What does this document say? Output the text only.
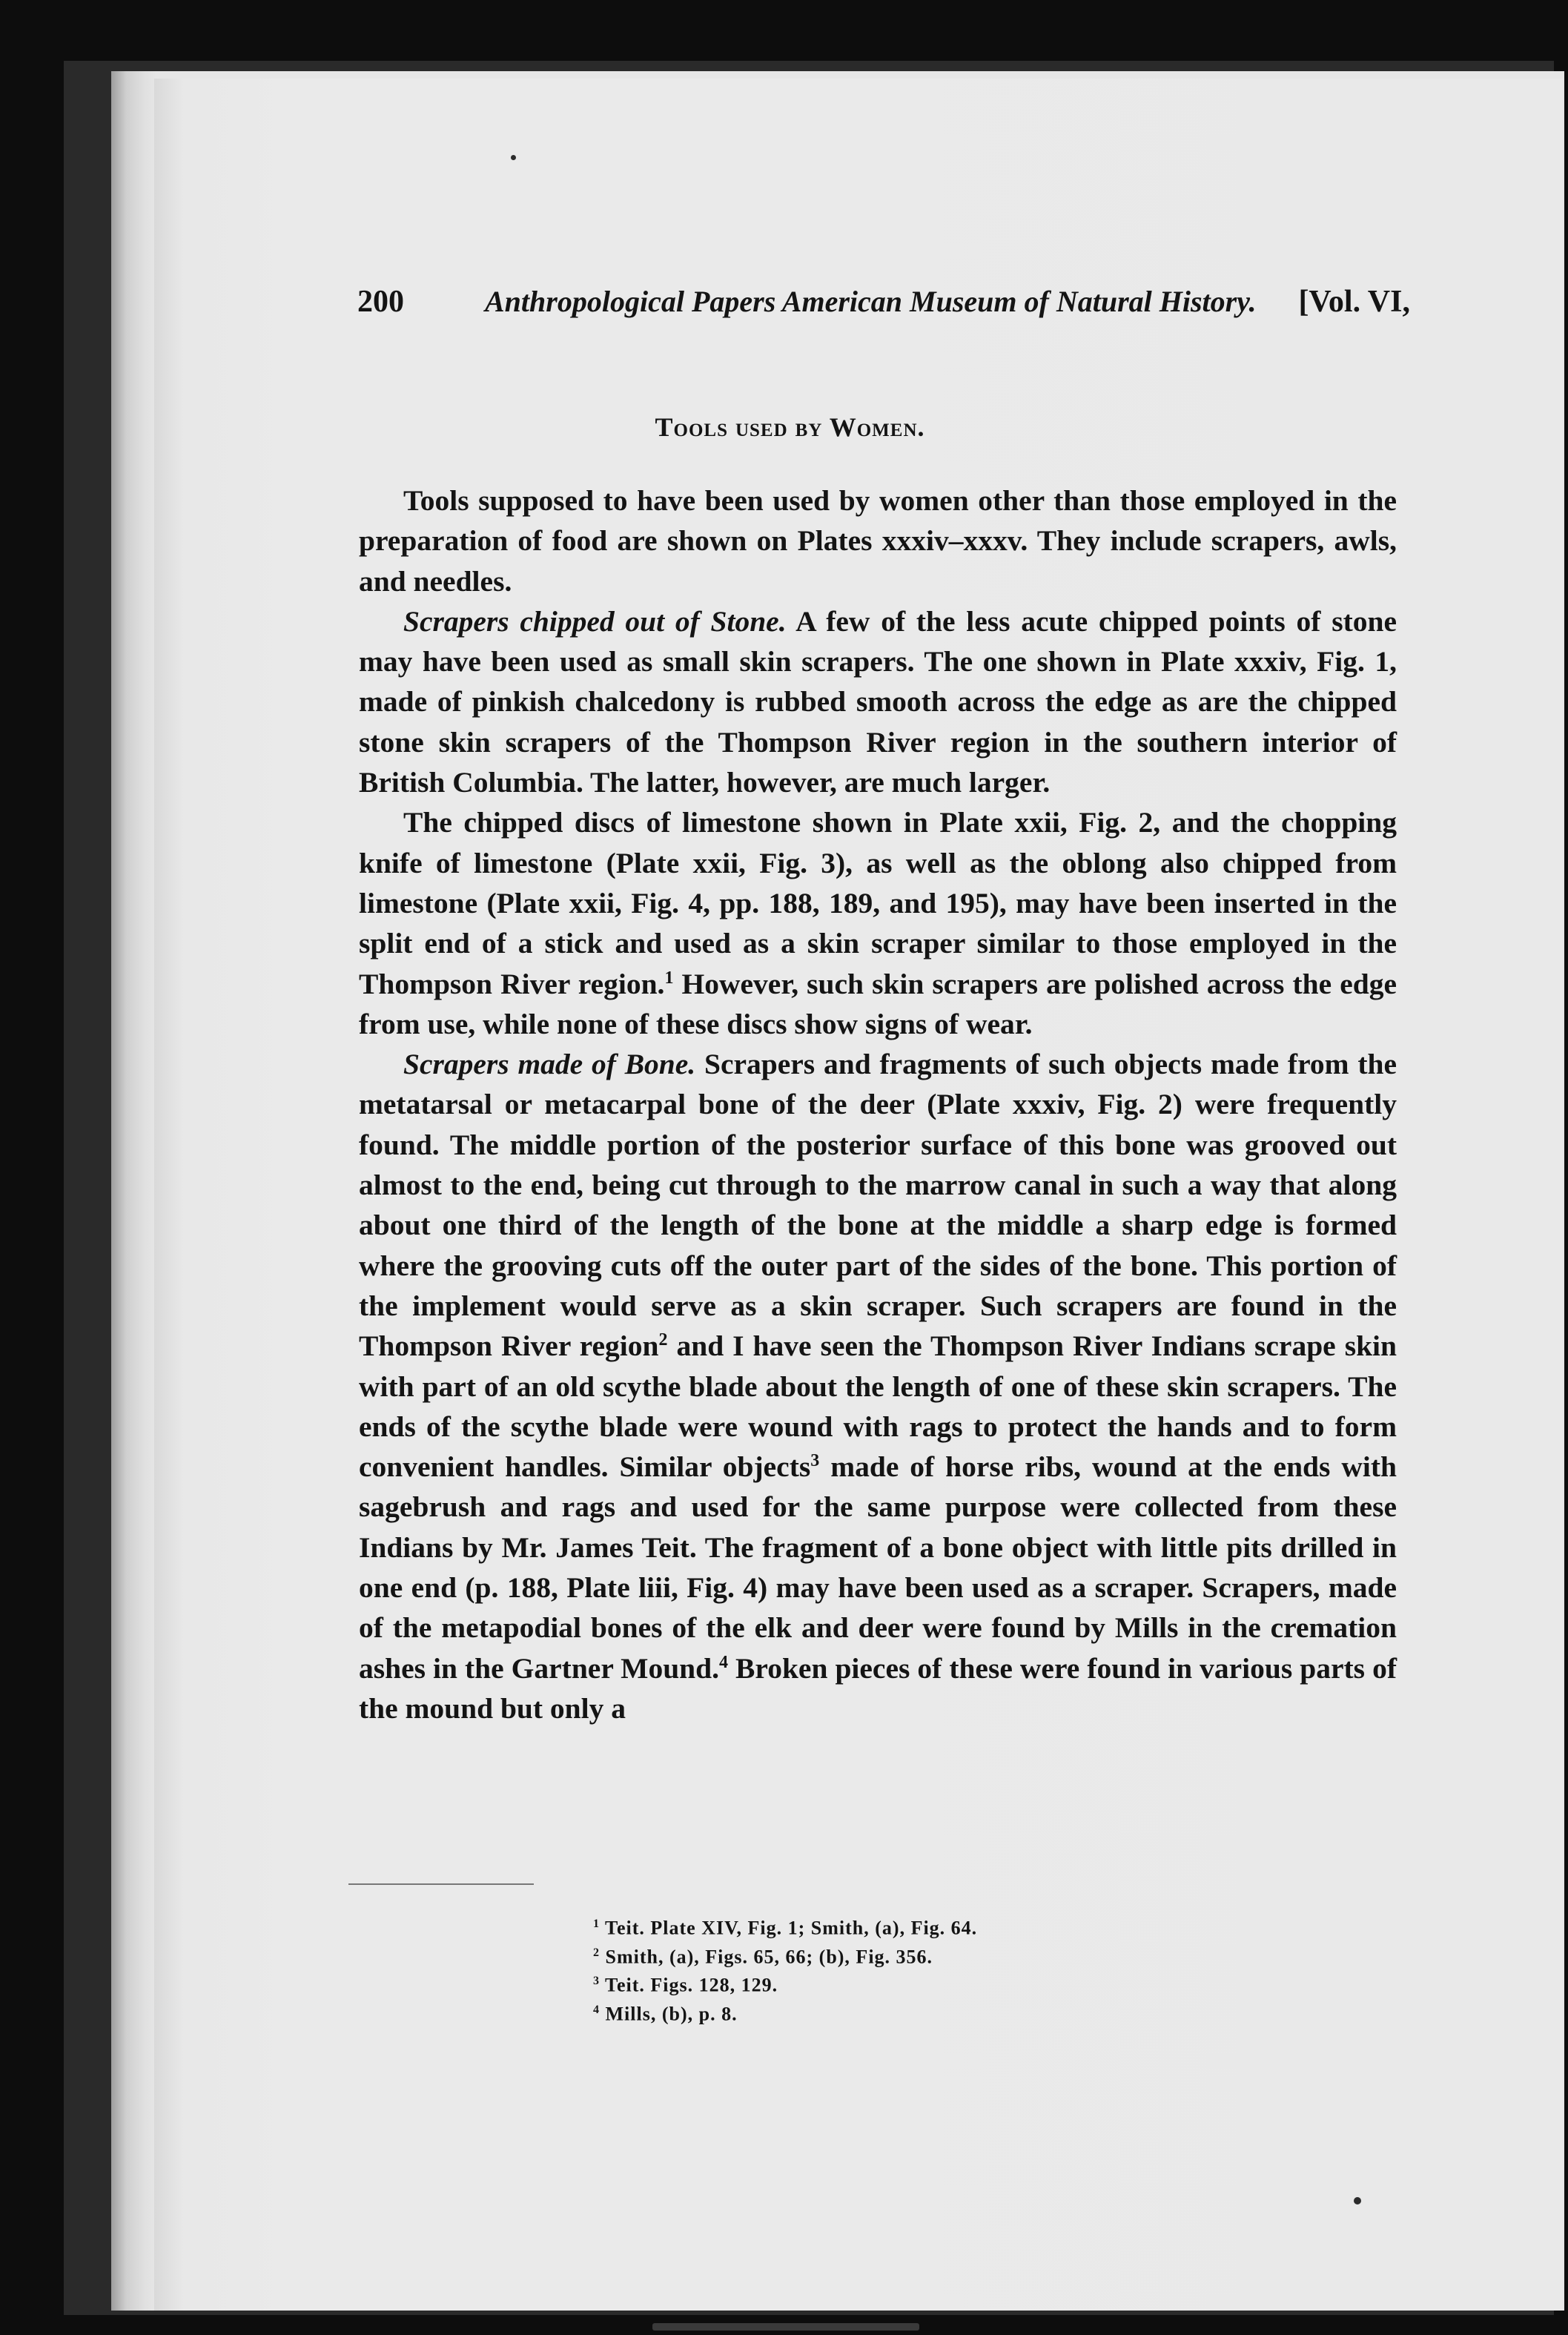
200	Anthropological Papers American Museum of Natural History. [Vol. VI,
Tools used by Women.

Tools supposed to have been used by women other than those employed in the preparation of food are shown on Plates xxxiv–xxxv. They include scrapers, awls, and needles.

Scrapers chipped out of Stone. A few of the less acute chipped points of stone may have been used as small skin scrapers. The one shown in Plate xxxiv, Fig. 1, made of pinkish chalcedony is rubbed smooth across the edge as are the chipped stone skin scrapers of the Thompson River region in the southern interior of British Columbia. The latter, however, are much larger.

The chipped discs of limestone shown in Plate xxii, Fig. 2, and the chopping knife of limestone (Plate xxii, Fig. 3), as well as the oblong also chipped from limestone (Plate xxii, Fig. 4, pp. 188, 189, and 195), may have been inserted in the split end of a stick and used as a skin scraper similar to those employed in the Thompson River region.$^1$ However, such skin scrapers are polished across the edge from use, while none of these discs show signs of wear.

Scrapers made of Bone. Scrapers and fragments of such objects made from the metatarsal or metacarpal bone of the deer (Plate xxxiv, Fig. 2) were frequently found. The middle portion of the posterior surface of this bone was grooved out almost to the end, being cut through to the marrow canal in such a way that along about one third of the length of the bone at the middle a sharp edge is formed where the grooving cuts off the outer part of the sides of the bone. This portion of the implement would serve as a skin scraper. Such scrapers are found in the Thompson River region$^2$ and I have seen the Thompson River Indians scrape skin with part of an old scythe blade about the length of one of these skin scrapers. The ends of the scythe blade were wound with rags to protect the hands and to form convenient handles. Similar objects$^3$ made of horse ribs, wound at the ends with sagebrush and rags and used for the same purpose were collected from these Indians by Mr. James Teit. The fragment of a bone object with little pits drilled in one end (p. 188, Plate liii, Fig. 4) may have been used as a scraper. Scrapers, made of the metapodial bones of the elk and deer were found by Mills in the cremation ashes in the Gartner Mound.$^4$ Broken pieces of these were found in various parts of the mound but only a

$^1$ Teit. Plate XIV, Fig. 1; Smith, (a), Fig. 64.
$^2$ Smith, (a), Figs. 65, 66; (b), Fig. 356.
$^3$ Teit. Figs. 128, 129.
$^4$ Mills, (b), p. 8.
